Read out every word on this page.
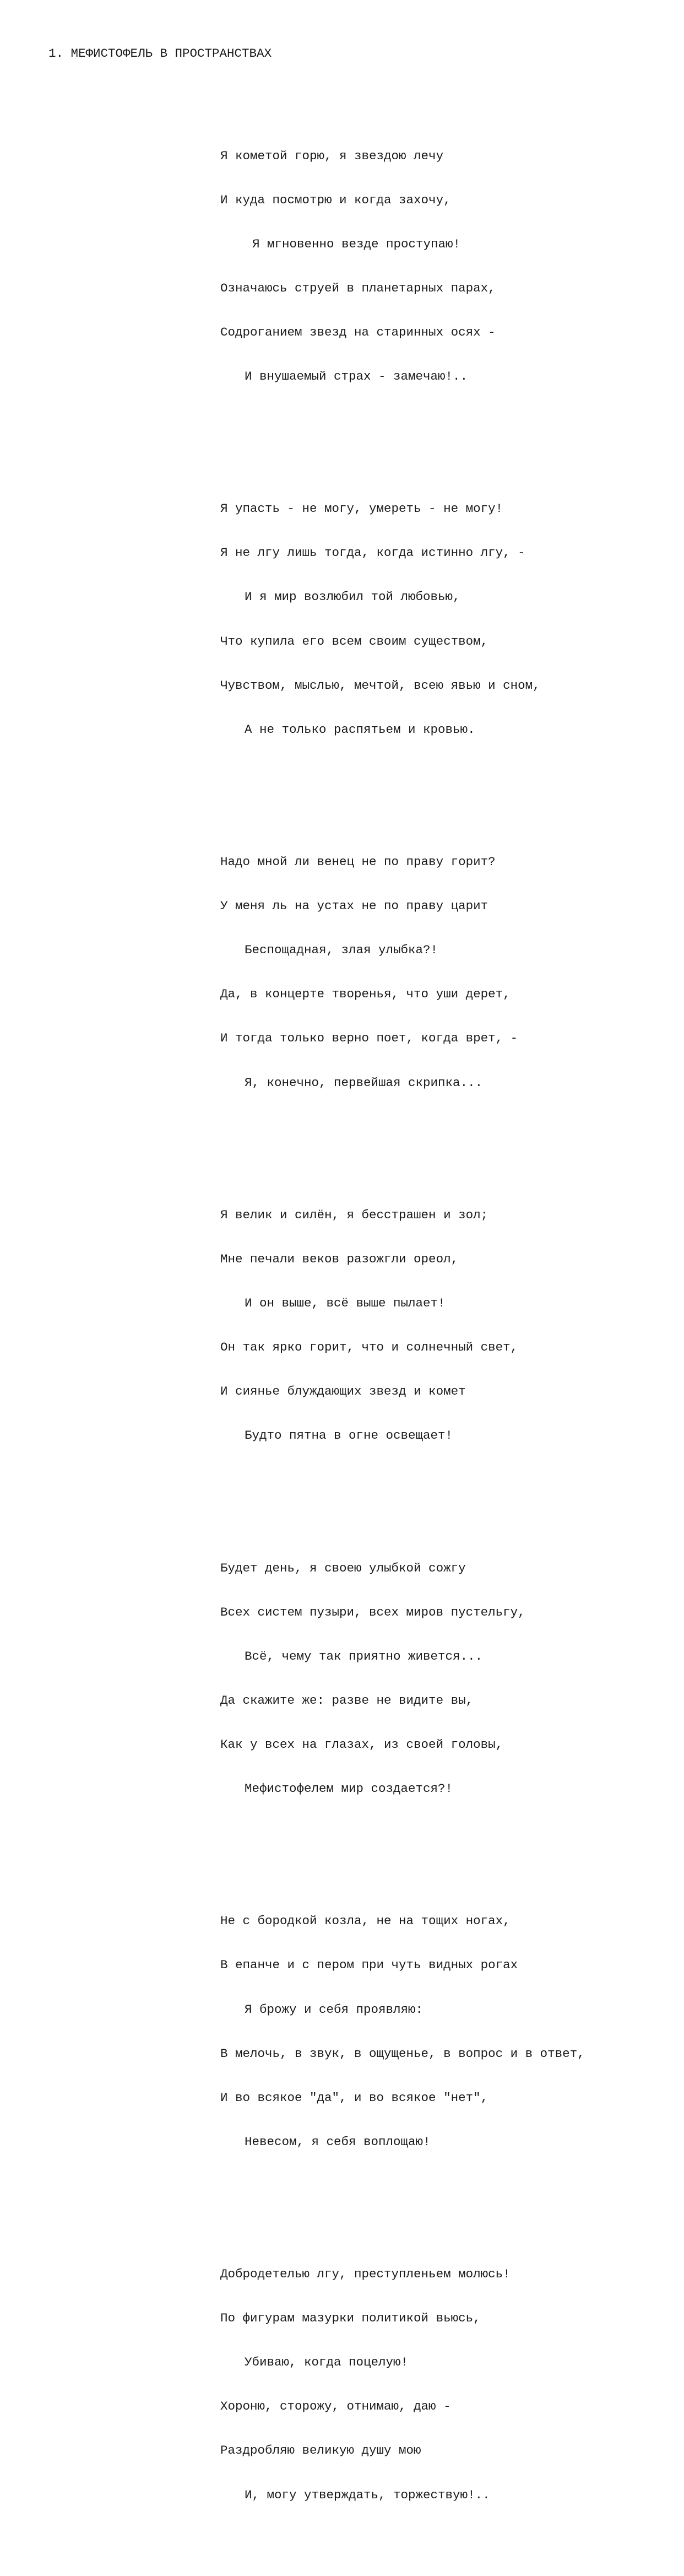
1. МЕФИСТОФЕЛЬ В ПРОСТРАНСТВАХ

Я кометой горю, я звездою лечу

И куда посмотрю и когда захочу,

Я мгновенно везде проступаю!

Означаюсь струей в планетарных парах,

Содроганием звезд на старинных осях -

И внушаемый страх - замечаю!..

Я упасть - не могу, умереть - не могу!

Я не лгу лишь тогда, когда истинно лгу, -

И я мир возлюбил той любовью,

Что купила его всем своим существом,

Чувством, мыслью, мечтой, всею явью и сном,

А не только распятьем и кровью.

Надо мной ли венец не по праву горит?

У меня ль на устах не по праву царит

Беспощадная, злая улыбка?!

Да, в концерте творенья, что уши дерет,

И тогда только верно поет, когда врет, -

Я, конечно, первейшая скрипка...

Я велик и силён, я бесстрашен и зол;

Мне печали веков разожгли ореол,

И он выше, всё выше пылает!

Он так ярко горит, что и солнечный свет,

И сиянье блуждающих звезд и комет

Будто пятна в огне освещает!

Будет день, я своею улыбкой сожгу

Всех систем пузыри, всех миров пустельгу,

Всё, чему так приятно живется...

Да скажите же: разве не видите вы,

Как у всех на глазах, из своей головы,

Мефистофелем мир создается?!

Не с бородкой козла, не на тощих ногах,

В епанче и с пером при чуть видных рогах

Я брожу и себя проявляю:

В мелочь, в звук, в ощущенье, в вопрос и в ответ,

И во всякое "да", и во всякое "нет",

Невесом, я себя воплощаю!

Добродетелью лгу, преступленьем молюсь!

По фигурам мазурки политикой вьюсь,

Убиваю, когда поцелую!

Хороню, сторожу, отнимаю, даю -

Раздробляю великую душу мою

И, могу утверждать, торжествую!..
